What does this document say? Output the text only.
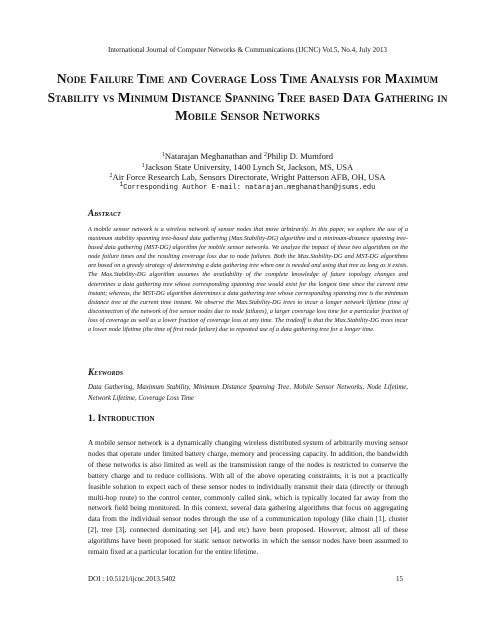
International Journal of Computer Networks & Communications (IJCNC) Vol.5, No.4, July 2013
Node Failure Time and Coverage Loss Time Analysis for Maximum Stability vs Minimum Distance Spanning Tree based Data Gathering in Mobile Sensor Networks
$^1$Natarajan Meghanathan and $^2$Philip D. Mumford
$^1$Jackson State University, 1400 Lynch St, Jackson, MS, USA
$^2$Air Force Research Lab, Sensors Directorate, Wright Patterson AFB, OH, USA
$^1$Corresponding Author E-mail: natarajan.meghanathan@jsums.edu
Abstract
A mobile sensor network is a wireless network of sensor nodes that move arbitrarily. In this paper, we explore the use of a maximum stability spanning tree-based data gathering (Max.Stability-DG) algorithm and a minimum-distance spanning tree-based data gathering (MST-DG) algorithm for mobile sensor networks. We analyze the impact of these two algorithms on the node failure times and the resulting coverage loss due to node failures. Both the Max.Stability-DG and MST-DG algorithms are based on a greedy strategy of determining a data gathering tree when one is needed and using that tree as long as it exists. The Max.Stability-DG algorithm assumes the availability of the complete knowledge of future topology changes and determines a data gathering tree whose corresponding spanning tree would exist for the longest time since the current time instant; whereas, the MST-DG algorithm determines a data gathering tree whose corresponding spanning tree is the minimum distance tree at the current time instant. We observe the Max.Stability-DG trees to incur a longer network lifetime (time of disconnection of the network of live sensor nodes due to node failures), a larger coverage loss time for a particular fraction of loss of coverage as well as a lower fraction of coverage loss at any time. The tradeoff is that the Max.Stability-DG trees incur a lower node lifetime (the time of first node failure) due to repeated use of a data gathering tree for a longer time.
Keywords
Data Gathering, Maximum Stability, Minimum Distance Spanning Tree, Mobile Sensor Networks, Node Lifetime, Network Lifetime, Coverage Loss Time
1. Introduction
A mobile sensor network is a dynamically changing wireless distributed system of arbitrarily moving sensor nodes that operate under limited battery charge, memory and processing capacity. In addition, the bandwidth of these networks is also limited as well as the transmission range of the nodes is restricted to conserve the battery charge and to reduce collisions. With all of the above operating constraints, it is not a practically feasible solution to expect each of these sensor nodes to individually transmit their data (directly or through multi-hop route) to the control center, commonly called sink, which is typically located far away from the network field being monitored. In this context, several data gathering algorithms that focus on aggregating data from the individual sensor nodes through the use of a communication topology (like chain [1], cluster [2], tree [3], connected dominating set [4], and etc) have been proposed. However, almost all of these algorithms have been proposed for static sensor networks in which the sensor nodes have been assumed to remain fixed at a particular location for the entire lifetime.
DOI : 10.5121/ijcnc.2013.5402	15
